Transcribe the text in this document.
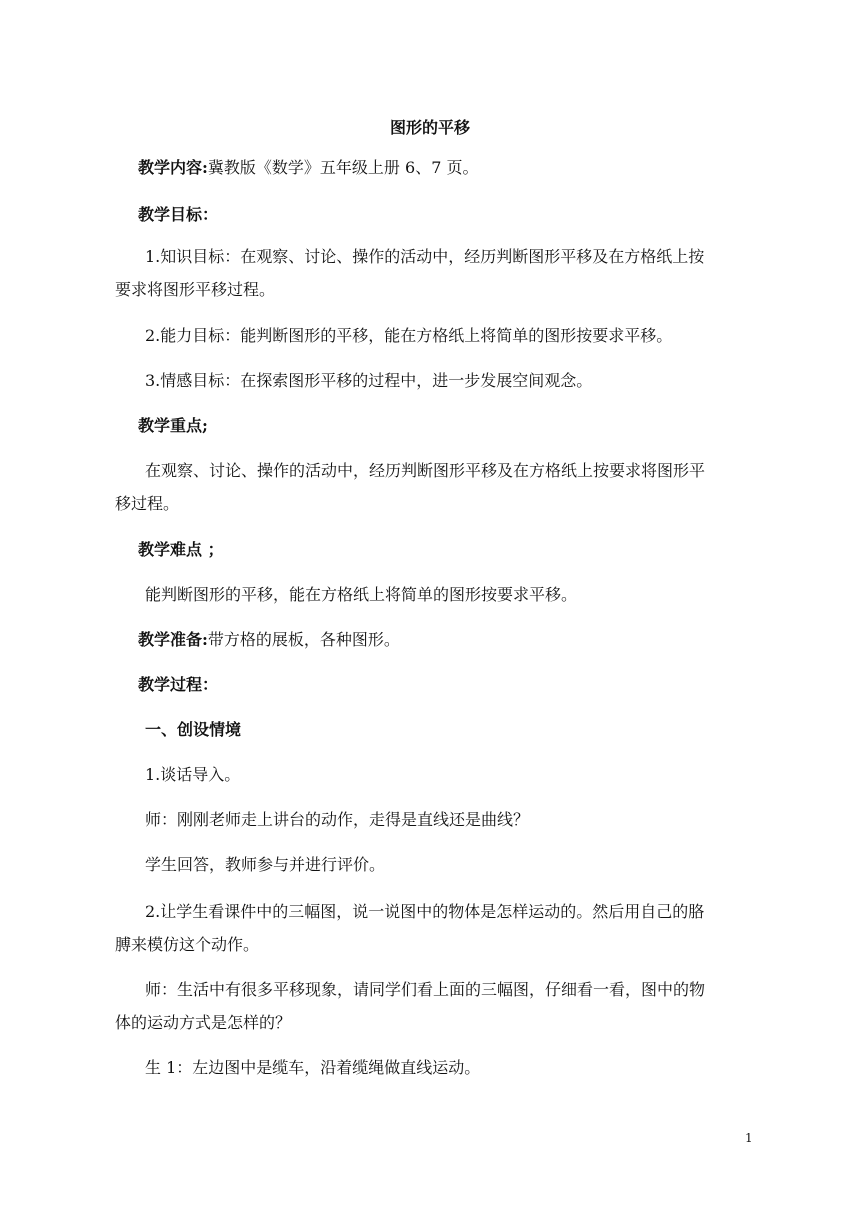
图形的平移
教学内容:冀教版《数学》五年级上册 6、7 页。
教学目标：
1.知识目标：在观察、讨论、操作的活动中，经历判断图形平移及在方格纸上按
要求将图形平移过程。
2.能力目标：能判断图形的平移，能在方格纸上将简单的图形按要求平移。
3.情感目标：在探索图形平移的过程中，进一步发展空间观念。
教学重点;
在观察、讨论、操作的活动中，经历判断图形平移及在方格纸上按要求将图形平
移过程。
教学难点 ；
能判断图形的平移，能在方格纸上将简单的图形按要求平移。
教学准备:带方格的展板，各种图形。
教学过程：
一、创设情境
1.谈话导入。
师：刚刚老师走上讲台的动作，走得是直线还是曲线？
学生回答，教师参与并进行评价。
2.让学生看课件中的三幅图，说一说图中的物体是怎样运动的。然后用自己的胳
膊来模仿这个动作。
师：生活中有很多平移现象，请同学们看上面的三幅图，仔细看一看，图中的物
体的运动方式是怎样的？
生 1：左边图中是缆车，沿着缆绳做直线运动。
1
